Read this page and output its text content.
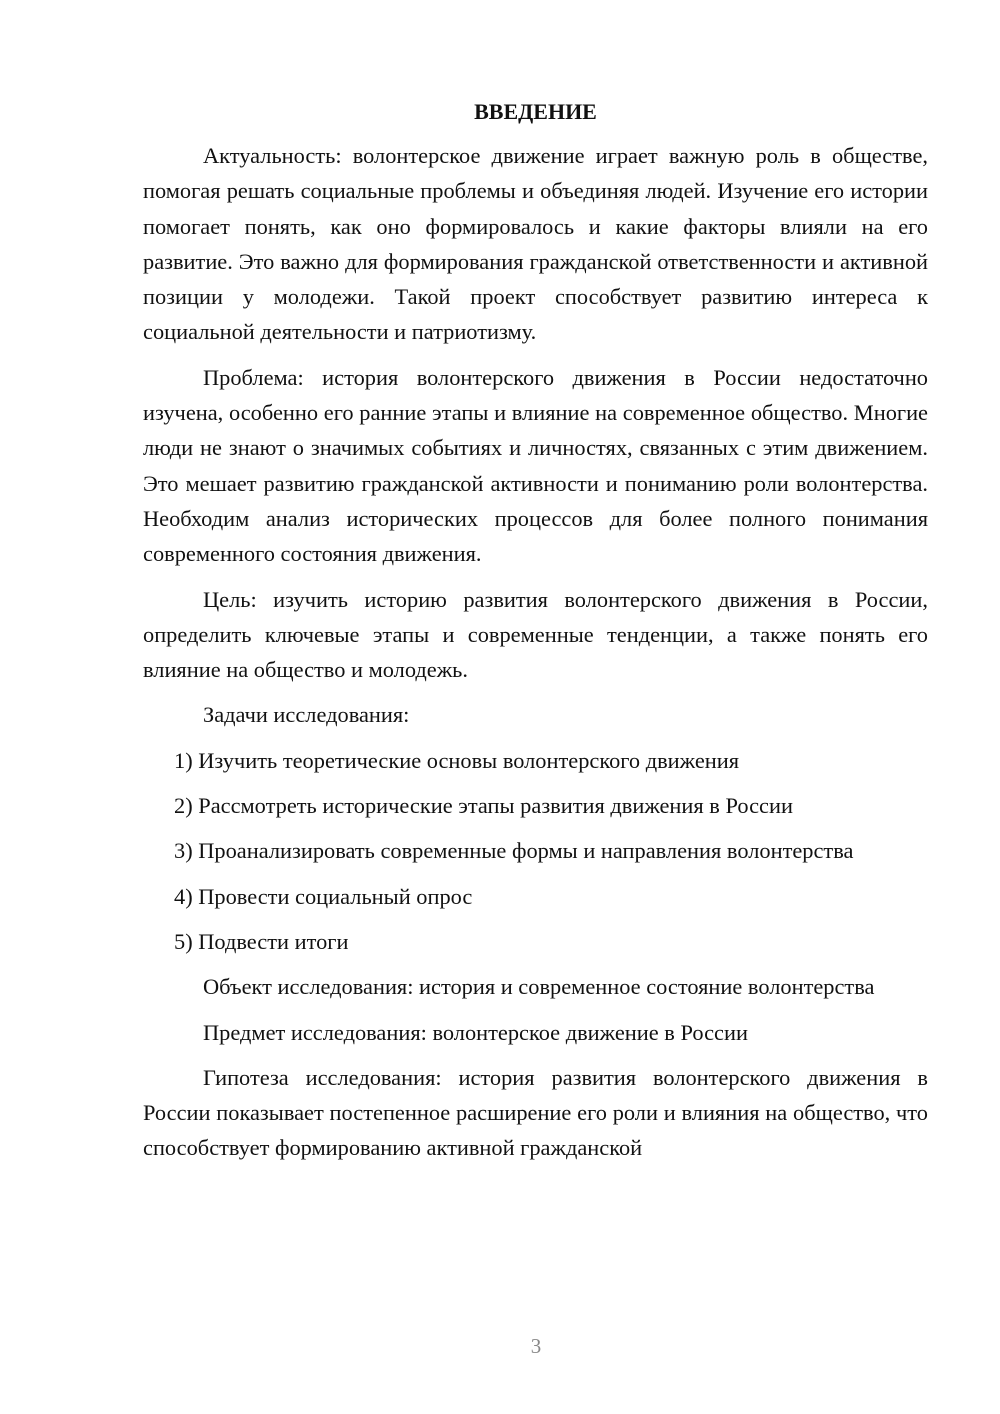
ВВЕДЕНИЕ

Актуальность: волонтерское движение играет важную роль в обществе, помогая решать социальные проблемы и объединяя людей. Изучение его истории помогает понять, как оно формировалось и какие факторы влияли на его развитие. Это важно для формирования гражданской ответственности и активной позиции у молодежи. Такой проект способствует развитию интереса к социальной деятельности и патриотизму.

Проблема: история волонтерского движения в России недостаточно изучена, особенно его ранние этапы и влияние на современное общество. Многие люди не знают о значимых событиях и личностях, связанных с этим движением. Это мешает развитию гражданской активности и пониманию роли волонтерства. Необходим анализ исторических процессов для более полного понимания современного состояния движения.

Цель: изучить историю развития волонтерского движения в России, определить ключевые этапы и современные тенденции, а также понять его влияние на общество и молодежь.

Задачи исследования:

1) Изучить теоретические основы волонтерского движения

2) Рассмотреть исторические этапы развития движения в России

3) Проанализировать современные формы и направления волонтерства

4) Провести социальный опрос

5) Подвести итоги

Объект исследования: история и современное состояние волонтерства

Предмет исследования: волонтерское движение в России

Гипотеза исследования: история развития волонтерского движения в России показывает постепенное расширение его роли и влияния на общество, что способствует формированию активной гражданской

3
